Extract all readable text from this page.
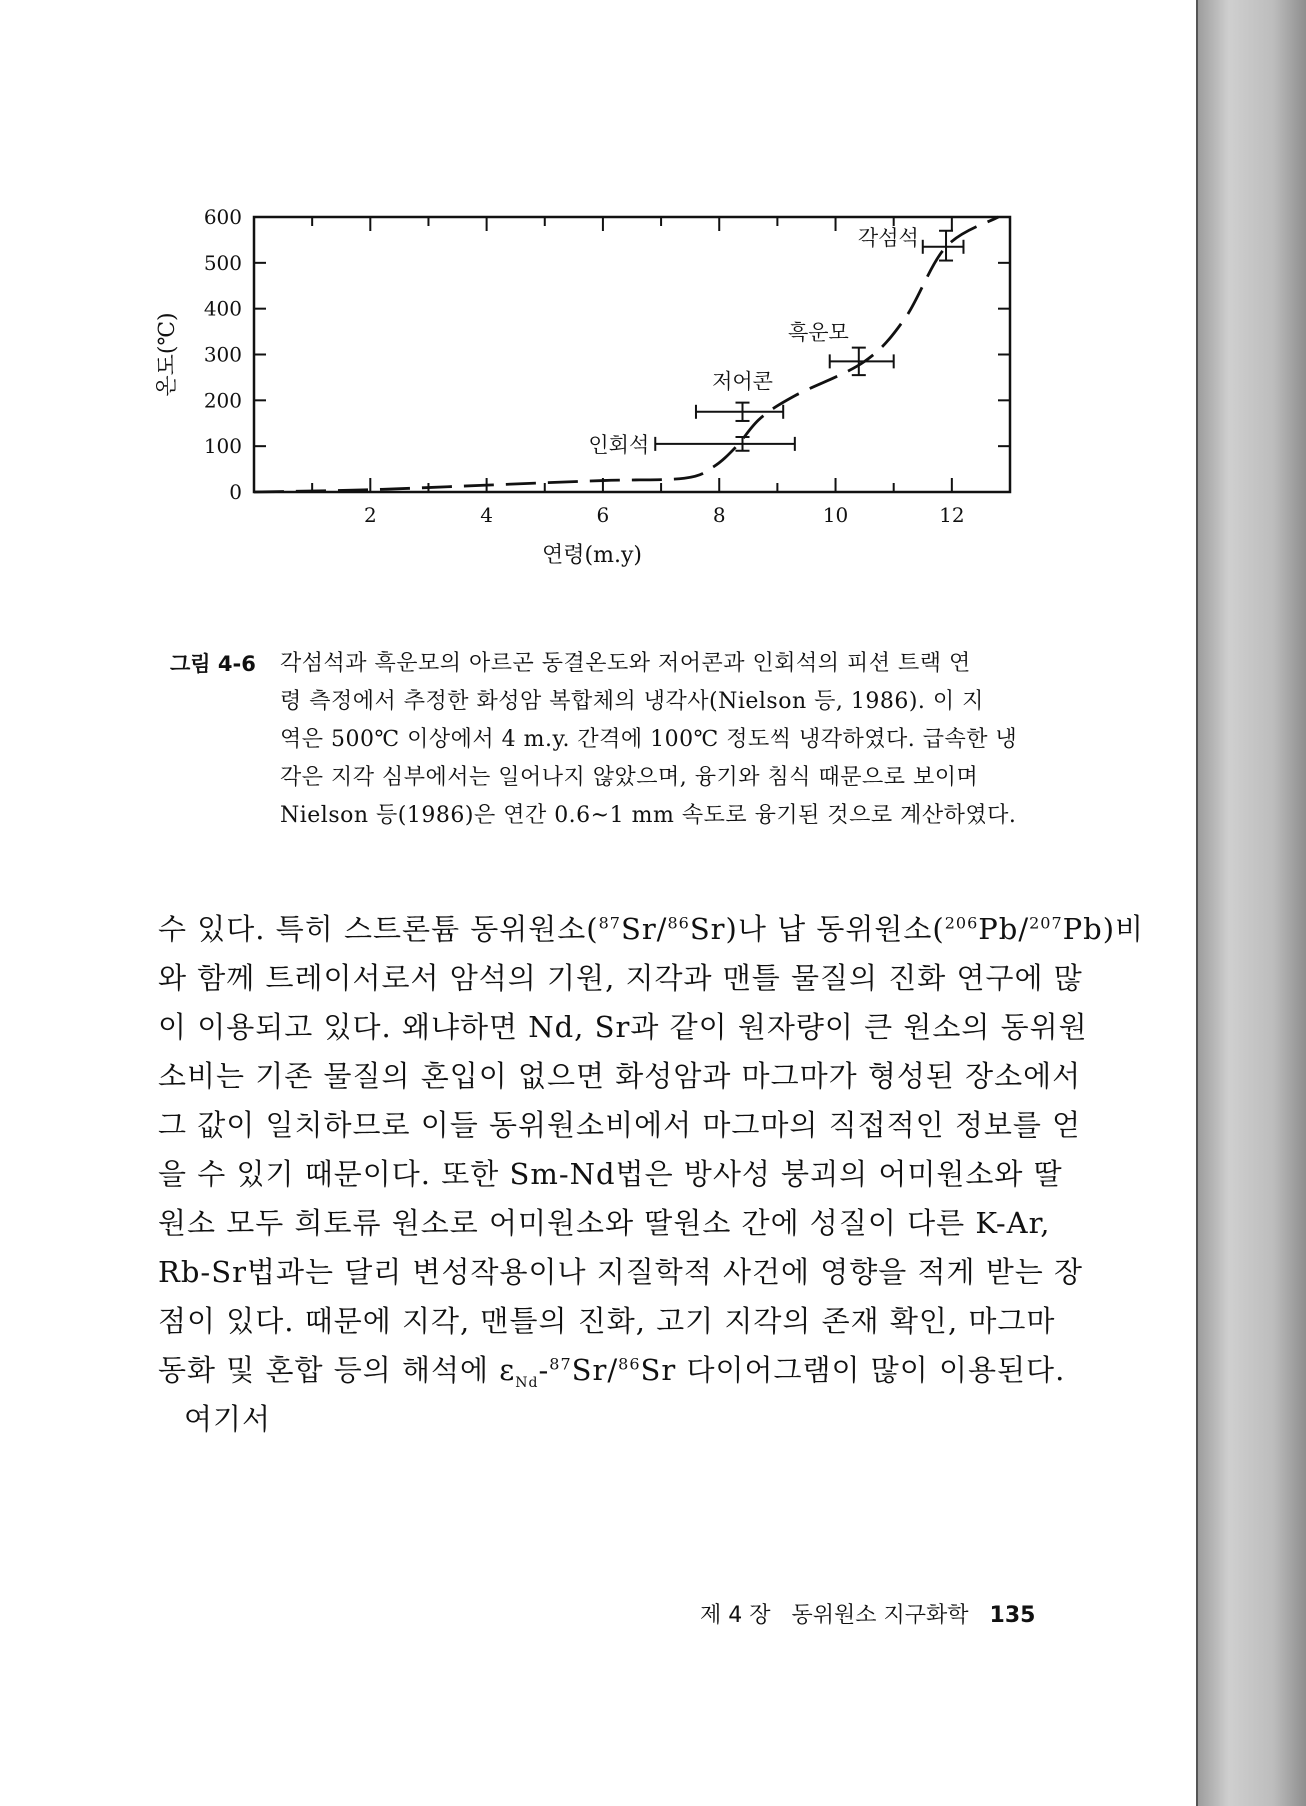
0
100
200
300
400
500
600
2	4	6	8	10	12
연령(m.y)
온도(℃)
인회석
저어콘
흑운모
각섬석
그림 4-6 각섬석과 흑운모의 아르곤 동결온도와 저어콘과 인회석의 피션 트랙 연
령 측정에서 추정한 화성암 복합체의 냉각사(Nielson 등, 1986). 이 지
역은 500℃ 이상에서 4 m.y. 간격에 100℃ 정도씩 냉각하였다. 급속한 냉
각은 지각 심부에서는 일어나지 않았으며, 융기와 침식 때문으로 보이며
Nielson 등(1986)은 연간 0.6~1 mm 속도로 융기된 것으로 계산하였다.
수 있다. 특히 스트론튬 동위원소($^{87}$Sr/$^{86}$Sr)나 납 동위원소($^{206}$Pb/$^{207}$Pb)비
와 함께 트레이서로서 암석의 기원, 지각과 맨틀 물질의 진화 연구에 많
이 이용되고 있다. 왜냐하면 Nd, Sr과 같이 원자량이 큰 원소의 동위원
소비는 기존 물질의 혼입이 없으면 화성암과 마그마가 형성된 장소에서
그 값이 일치하므로 이들 동위원소비에서 마그마의 직접적인 정보를 얻
을 수 있기 때문이다. 또한 Sm-Nd법은 방사성 붕괴의 어미원소와 딸
원소 모두 희토류 원소로 어미원소와 딸원소 간에 성질이 다른 K-Ar,
Rb-Sr법과는 달리 변성작용이나 지질학적 사건에 영향을 적게 받는 장
점이 있다. 때문에 지각, 맨틀의 진화, 고기 지각의 존재 확인, 마그마
동화 및 혼합 등의 해석에 $\varepsilon_{Nd}-^{87}Sr/^{86}Sr$ 다이어그램이 많이 이용된다.
여기서
제 4 장 동위원소 지구화학 135
